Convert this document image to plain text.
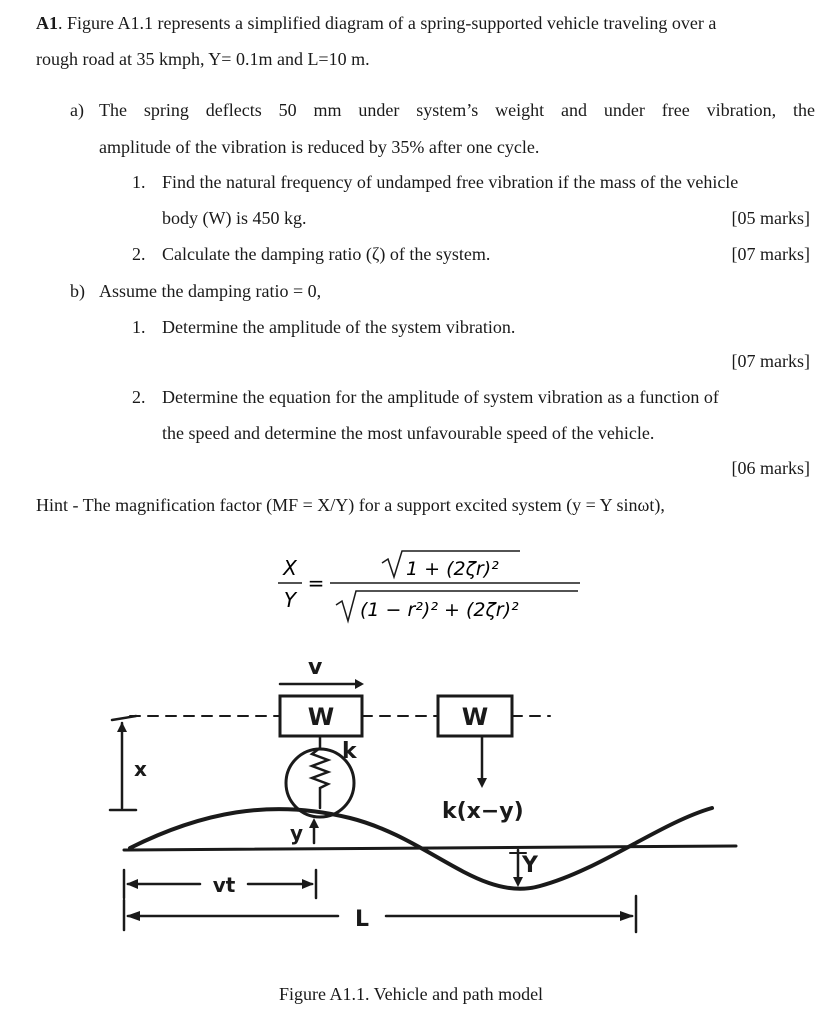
A1. Figure A1.1 represents a simplified diagram of a spring-supported vehicle traveling over a
rough road at 35 kmph, Y= 0.1m and L=10 m.
a) The spring deflects 50 mm under system’s weight and under free vibration, the
amplitude of the vibration is reduced by 35% after one cycle.
1. Find the natural frequency of undamped free vibration if the mass of the vehicle
body (W) is 450 kg.	[05 marks]
2. Calculate the damping ratio (ζ) of the system.	[07 marks]
b) Assume the damping ratio = 0,
1. Determine the amplitude of the system vibration.
[07 marks]
2. Determine the equation for the amplitude of system vibration as a function of
the speed and determine the most unfavourable speed of the vehicle.
[06 marks]
Hint - The magnification factor (MF = X/Y) for a support excited system (y = Y sinωt),
X
Y
=
1 + (2ζr)²
(1 − r²)² + (2ζr)²
v
W	W
k
x
y
k(x−y)
Y
vt
L
Figure A1.1. Vehicle and path model
